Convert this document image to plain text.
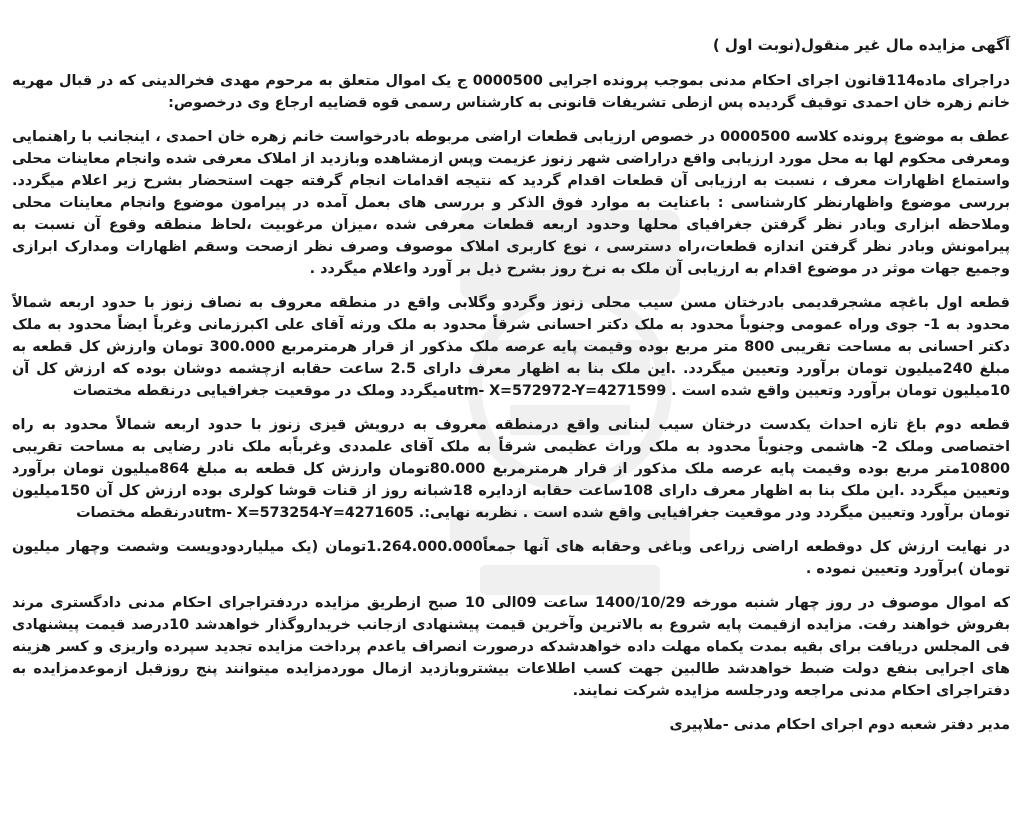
آگهی مزایده مال غیر منقول(نوبت اول )

دراجرای ماده114قانون اجرای احکام مدنی بموجب پرونده اجرایی 0000500 ج یک اموال متعلق به مرحوم مهدی فخرالدینی که در قبال مهریه خانم زهره خان احمدی توقیف گردیده پس ازطی تشریفات قانونی به کارشناس رسمی قوه قضاییه ارجاع وی درخصوص:

عطف به موضوع پرونده کلاسه 0000500 در خصوص ارزیابی قطعات اراضی مربوطه بادرخواست خانم زهره خان احمدی ، اینجانب با راهنمایی ومعرفی محکوم لها به محل مورد ارزیابی واقع دراراضی شهر زنوز عزیمت وپس ازمشاهده وبازدید از املاک معرفی شده وانجام معاینات محلی واستماع اظهارات معرف ، نسبت به ارزیابی آن قطعات اقدام گردید که نتیجه اقدامات انجام گرفته جهت استحضار بشرح زیر اعلام میگردد. بررسی موضوع واظهارنظر کارشناسی : باعنایت به موارد فوق الذکر و بررسی های بعمل آمده در پیرامون موضوع وانجام معاینات محلی وملاحظه ابزاری وبادر نظر گرفتن جغرافیای محلها وحدود اربعه قطعات معرفی شده ،میزان مرغوبیت ،لحاظ منطقه وقوع آن نسبت به پیرامونش وبادر نظر گرفتن اندازه قطعات،راه دسترسی ، نوع کاربری املاک موصوف وصرف نظر ازصحت وسقم اظهارات ومدارک ابرازی وجمیع جهات موثر در موضوع اقدام به ارزیابی آن ملک به نرخ روز بشرح ذیل بر آورد واعلام میگردد .

قطعه اول باغچه مشجرقدیمی بادرختان مسن سیب محلی زنوز وگردو وگلابی واقع در منطقه معروف به نصاف زنوز با حدود اربعه شمالاً محدود به 1- جوی وراه عمومی وجنوباً محدود به ملک دکتر احسانی شرقاً محدود به ملک ورثه آقای علی اکبرزمانی وغرباً ایضاً محدود به ملک دکتر احسانی به مساحت تقریبی 800 متر مربع بوده وقیمت پایه عرصه ملک مذکور از قرار هرمترمربع 300.000 تومان وارزش کل قطعه به مبلغ 240میلیون تومان برآورد وتعیین میگردد. .این ملک بنا به اظهار معرف دارای 2.5 ساعت حقابه ازچشمه دوشان بوده که ارزش کل آن 10میلیون تومان برآورد وتعیین واقع شده است . utm- X=572972-Y=4271599میگردد وملک در موقعیت جغرافیایی درنقطه مختصات

قطعه دوم باغ تازه احداث یکدست درختان سیب لبنانی واقع درمنطقه معروف به درویش قیزی زنوز با حدود اربعه شمالاً محدود به راه اختصاصی وملک 2- هاشمی وجنوباً محدود به ملک وراث عظیمی شرقاً به ملک آقای علمددی وغرباًبه ملک نادر رضایی به مساحت تقریبی 10800متر مربع بوده وقیمت پایه عرصه ملک مذکور از قرار هرمترمربع 80.000تومان وارزش کل قطعه به مبلغ 864میلیون تومان برآورد وتعیین میگردد .این ملک بنا به اظهار معرف دارای 108ساعت حقابه ازدایره 18شبانه روز از قنات قوشا کولری بوده ارزش کل آن 150میلیون تومان برآورد وتعیین میگردد ودر موقعیت جغرافیایی واقع شده است . نظربه نهایی:. utm- X=573254-Y=4271605درنقطه مختصات

در نهایت ارزش کل دوقطعه اراضی زراعی وباغی وحقابه های آنها جمعاً1.264.000.000تومان (یک میلیاردودویست وشصت وچهار میلیون تومان )برآورد وتعیین نموده .

که اموال موصوف در روز چهار شنبه مورخه 1400/10/29 ساعت 09الی 10 صبح ازطریق مزایده دردفتراجرای احکام مدنی دادگستری مرند بفروش خواهند رفت. مزایده ازقیمت پایه شروع به بالاترین وآخرین قیمت پیشنهادی ازجانب خریداروگذار خواهدشد 10درصد قیمت پیشنهادی فی المجلس دریافت برای بقیه بمدت یکماه مهلت داده خواهدشدکه درصورت انصراف یاعدم پرداخت مزایده تجدید سپرده واریزی و کسر هزینه های اجرایی بنفع دولت ضبط خواهدشد طالبین جهت کسب اطلاعات بیشتروبازدید ازمال موردمزایده میتوانند پنج روزقبل ازموعدمزایده به دفتراجرای احکام مدنی مراجعه ودرجلسه مزایده شرکت نمایند.

مدیر دفتر شعبه دوم اجرای احکام مدنی -ملاپیری
